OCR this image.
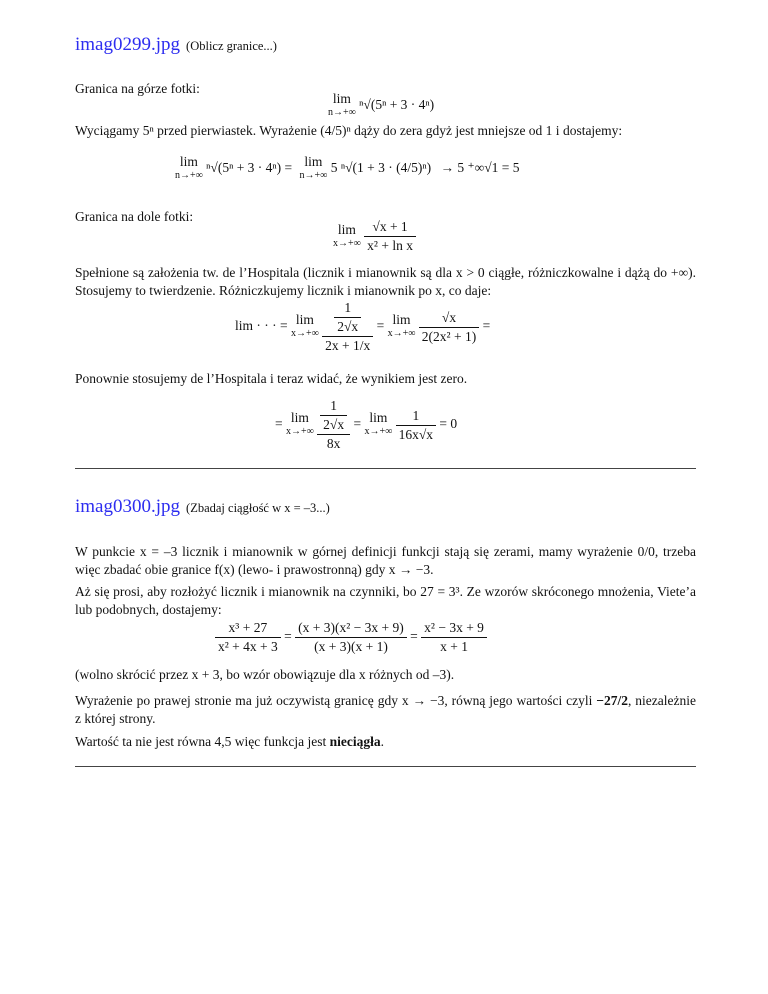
imag0299.jpg (Oblicz granice...)
Granica na górze fotki:
lim
n→+∞
ⁿ√(5ⁿ + 3 · 4ⁿ)
Wyciągamy 5ⁿ przed pierwiastek. Wyrażenie (4/5)ⁿ dąży do zera gdyż jest mniejsze od 1 i dostajemy:
lim
n→+∞
ⁿ√(5ⁿ + 3 · 4ⁿ) = lim
n→+∞
5 ⁿ√(1 + 3 · (4/5)ⁿ) → 5 ⁺∞√1 = 5
Granica na dole fotki:
lim
x→+∞
$\frac{√x + 1}{\text{x² + ln x}}$
Spełnione są założenia tw. de l’Hospitala (licznik i mianownik są dla x > 0 ciągłe, różniczkowalne i dążą do +∞). Stosujemy to twierdzenie. Różniczkujemy licznik i mianownik po x, co daje:
lim · · · = lim
x→+∞
$\frac{\frac{1}{2√x}}{2x + 1/x} = \lim$
x→+∞
$\frac{√x}{\text{2(2x² + 1)}}$ =
Ponownie stosujemy de l’Hospitala i teraz widać, że wynikiem jest zero.
= lim
x→+∞
$\frac{\frac{1}{2√x}}{8x} = \lim$
x→+∞
$\frac{1}{16x√x} = 0$
imag0300.jpg (Zbadaj ciągłość w x = –3...)
W punkcie x = –3 licznik i mianownik w górnej definicji funkcji stają się zerami, mamy wyrażenie 0/0, trzeba więc zbadać obie granice f(x) (lewo- i prawostronną) gdy x → −3.
Aż się prosi, aby rozłożyć licznik i mianownik na czynniki, bo 27 = 3³. Ze wzorów skróconego mnożenia, Viete’a lub podobnych, dostajemy:
$\frac{\text{x³ + 27}}{\text{x² + 4x + 3}} = \frac{\text{(x + 3)(x² − 3x + 9)}}{(x + 3)(x + 1)} = \frac{\text{x² − 3x + 9}}{x + 1}$
(wolno skrócić przez x + 3, bo wzór obowiązuje dla x różnych od –3).
Wyrażenie po prawej stronie ma już oczywistą granicę gdy x → −3, równą jego wartości czyli −27/2, niezależnie z której strony.
Wartość ta nie jest równa 4,5 więc funkcja jest nieciągła.
